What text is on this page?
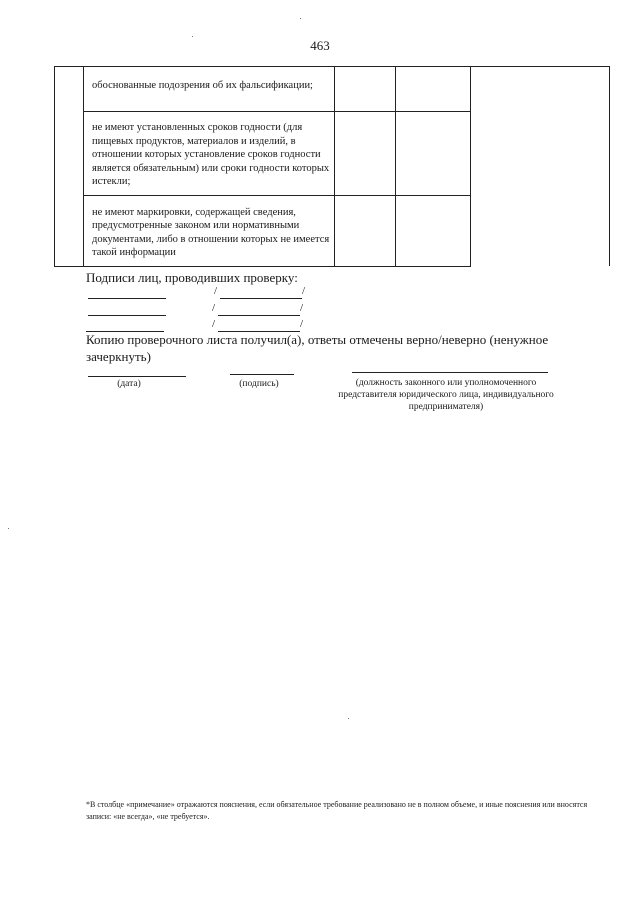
463

	обоснованные подозрения об их фальсификации;			

	не имеют установленных сроков годности (для пищевых продуктов, материалов и изделий, в отношении которых установление сроков годности является обязательным) или сроки годности которых истекли;			

	не имеют маркировки, содержащей сведения, предусмотренные законом или нормативными документами, либо в отношении которых не имеется такой информации			

Подписи лиц, проводивших проверку:
/	/
/	/
/	/
Копию проверочного листа получил(а), ответы отмечены верно/неверно (ненужное зачеркнуть)
(дата)	(подпись)	(должность законного или уполномоченного представителя юридического лица, индивидуального предпринимателя)
*В столбце «примечание» отражаются пояснения, если обязательное требование реализовано не в полном объеме, и иные пояснения или вносятся записи: «не всегда», «не требуется».
